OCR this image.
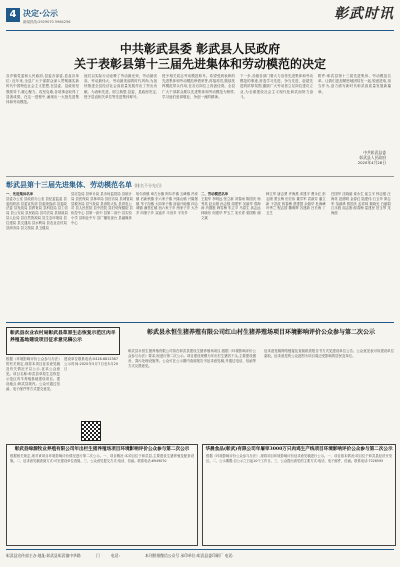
4 决定·公示
新闻热线:2929070 5964256	彰武时讯
中共彰武县委 彰武县人民政府
关于表彰县第十三届先进集体和劳动模范的决定
各乡镇党委和人民政府,县委各部委,县直各单位: 近年来,全县广大干部群众深入贯彻落实新时代中国特色社会主义思想,在县委、县政府坚强领导下,凝心聚力、攻坚克难,各项事业取得了显著成绩。在这一进程中,涌现出一大批先进集体和劳动模范。
他们以实际行动诠释了劳动最光荣、劳动最崇高、劳动最伟大、劳动最美丽的时代风尚,为加快推进全县经济社会高质量发展作出了突出贡献。为表彰先进、树立典型,县委、县政府决定,授予县直相关单位等先进集体称号。
授予相关同志劳动模范称号。希望受到表彰的先进集体和劳动模范珍惜荣誉,再接再厉,继续发挥模范带头作用,在各自岗位上再创佳绩。全县广大干部群众要以先进集体和劳动模范为榜样,学习他们爱岗敬业、争创一流的精神。
下一步,各级各部门要大力宣传先进集体和劳动模范的事迹,营造学习先进、争当先进、赶超先进的浓厚氛围,激励广大劳动者立足岗位建功立业,为全面建设社会主义现代化彰武而努力奋斗。
附件:彰武县第十三届先进集体、劳动模范名单。让我们更加紧密地团结在一起,锐意进取,担当作为,奋力谱写新时代彰武高质量发展新篇章。
中共彰武县委
彰武县人民政府
2020年4月28日
彰武县第十三届先进集体、劳动模范名单 (排名不分先后)
一、先进集体名单
县委办公室 县政府办公室 县纪委监委 县委组织部 县委宣传部 县委统战部 县委政法委 县发改局 县教育局 县科技局 县工信局 县公安局 县民政局 县司法局 县财政局 县人社局 县自然资源局 县生态环境局 县住建局 县交通局 县水利局 县农业农村局 县商务局 县文旅局 县卫健局
县应急局 县审计局 县市场监管局 县统计局 县医保局 县林草局 县信访局 县城管局 县税务局 县气象局 县消防大队 县供电公司 县人民医院 县中医院 县妇幼保健院 县疾控中心 县第一高中 县第二高中 县实验小学 县职业中专 县广播电视台 县融媒体中心
哈尔套镇 章古台镇 阿尔乡镇 五峰镇 冯家镇 后新秋镇 东六家子镇 兴隆山镇 兴隆堡镇 苇子沟镇 大四家子镇 前福兴地镇 四合城镇 满堂红镇 西六家子乡 两家子乡 大冷乡 四堡子乡 双庙乡 丰田乡 平安乡
二、劳动模范名单
王振华 李明远 张立新 刘春雨 陈国庆 杨秀英 赵永刚 孙志强 周建军 吴丽华 郑海涛 冯德胜 韩雪梅 朱立平 马春生 高志远 林晓东 何建华 罗玉兰 宋长青 梁国栋 谢文斌
韩立军 唐志勇 许海燕 邓建平 曹永红 彭志刚 萧玉梅 田宏伟 董学军 袁淑芬 潘立新 于洪波 蒋春梅 蔡建国 余振华 杜海峰 叶秀兰 程志国 魏明辉 苏建新 吕长海 丁玉芝
任国华 沈晓丽 姜永生 崔立平 钟志强 汪海英 范德明 金春红 陆建伟 石玉华 廖志军 邹淑珍 熊国庆 孟祥林 秦晓光 白丽娟 江永胜 阎志刚 薛春梅 雷建民 贺玉琴 龙海波
彰武县农业农村局彰武县草原生态恢复示范区肉羊养殖基地建设项目征求意见稿公示
根据《环境影响评价公众参与办法》的有关规定,现将本项目征求意见稿及有关情况予以公示,征求公众意见。项目名称:彰武县草原生态恢复示范区肉羊养殖基地建设项目。建设地点:彰武县境内。公众可通过信函、电子邮件等方式提交意见。
建设单位联系电话:0418-6812367 公示时间:2020年5月7日至5月20日
彰武县永恒生猪养殖有限公司红山村生猪养殖场项目环境影响评价公众参与第二次公示
彰武县永恒生猪养殖有限公司拟在彰武县建设生猪养殖场项目,根据《环境影响评价公众参与办法》要求,现进行第二次公示。项目建设规模为年出栏生猪若干头,主要建设猪舍、粪污处理设施等。公众可在公示期内查阅报告书征求意见稿,并通过电话、信函等方式反馈意见。
征求意见稿网络链接及查阅纸质报告书方式见建设单位公告。公众意见表可向建设单位索取。征求意见的公众范围为项目周边受影响的居民及单位。
彰武县绿源牧业养殖有限公司年出栏生猪养殖场项目环境影响评价公众参与第二次公示
根据相关规定,现对该项目环境影响评价情况进行第二次公示。一、项目概况:本项目位于彰武县,主要建设生猪养殖及配套设施。二、征求意见稿查阅方式:可至建设单位查阅。三、公众意见提交方式:电话、信函。联系电话:6949070
华晨食品(彰武)有限公司年屠宰3000万只肉鸡生产线项目环境影响评价公众参与第二次公示
根据《环境影响评价公众参与办法》,现将项目环境影响评价征求意见稿进行公示。一、项目基本情况:项目位于彰武县经济开发区。二、公示期限:自公示之日起10个工作日。三、公众提出意见的主要方式:电话、电子邮件、信函。联系电话:7228595
彰武县宣传部主办·地址:彰武县彰武镇中华路	门	电话:	本刊照排微信公众号 承印单位:彰武县委印刷厂 电话:
